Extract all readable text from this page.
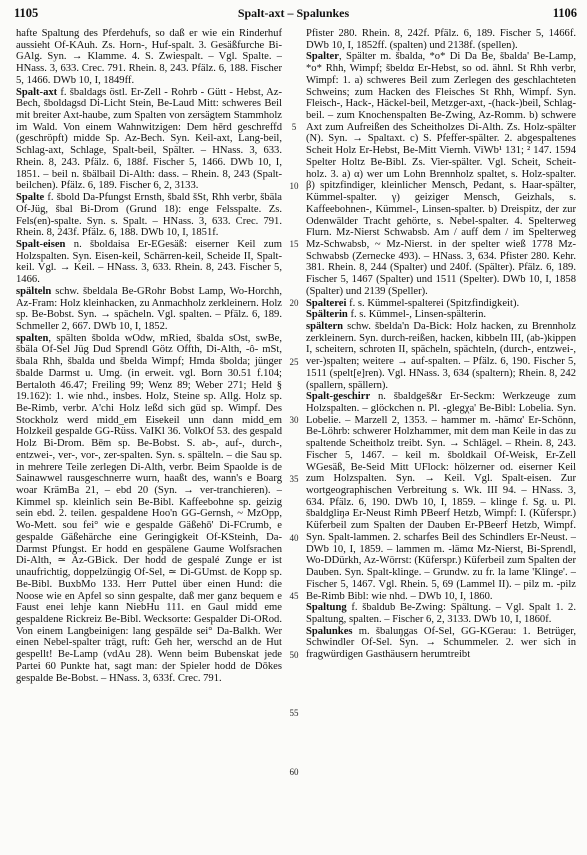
1105	Spalt-axt – Spalunkes	1106

hafte Spaltung des Pferdehufs, so daß er wie ein Rinderhuf aussieht Of-KAuh. Zs. Horn-, Huf-spalt. 3. Gesäßfurche Bi-GAlg. Syn. → Klamme. 4. S. Zwiespalt. – Vgl. Spalte. – HNass. 3, 633. Crec. 791. Rhein. 8, 243. Pfälz. 6, 188. Fischer 5, 1466. DWb 10, I, 1849ff.

Spalt-axt f. šbaldags östl. Er-Zell - Rohrb - Gütt - Hebst, Az-Bech, šboldagsd Di-Licht Stein, Be-Laud Mitt: schweres Beil mit breiter Axt-haube, zum Spalten von zersägtem Stammholz im Wald. Von einem Wahnwitzigen: Dem hērd geschreffd (geschröpft) midde Sp. Az-Bech. Syn. Keil-axt, Lang-beil, Schlag-axt, Schlage, Spalt-beil, Spälter. – HNass. 3, 633. Rhein. 8, 243. Pfälz. 6, 188f. Fischer 5, 1466. DWb 10, I, 1851. – beil n. šbälbail Di-Alth: dass. – Rhein. 8, 243 (Spalt-beilchen). Pfälz. 6, 189. Fischer 6, 2, 3133.

Spalte f. šbold Da-Pfungst Ernsth, šbald šSt, Rhh verbr, šbäla Of-Jüg, šbal Bi-Drom (Grund 18): enge Felsspalte. Zs. Fels(en)-spalte. Syn. s. Spalt. – HNass. 3, 633. Crec. 791. Rhein. 8, 243f. Pfälz. 6, 188. DWb 10, I, 1851f.

Spalt-eisen n. šboldaisa Er-EGesäß: eiserner Keil zum Holzspalten. Syn. Eisen-keil, Schärren-keil, Scheide II, Spalt-keil. Vgl. → Keil. – HNass. 3, 633. Rhein. 8, 243. Fischer 5, 1466.

spälteln schw. šbeldala Be-GRohr Bobst Lamp, Wo-Horchh, Az-Fram: Holz kleinhacken, zu Anmachholz zerkleinern. Holz sp. Be-Bobst. Syn. → spächeln. Vgl. spalten. – Pfälz. 6, 189. Schmeller 2, 667. DWb 10, I, 1852.

spalten, spälten šbolda wOdw, mRied, šbalda sOst, swBe, šbäla Of-Sel Jüg Dud Sprendl Götz Offth, Di-Alth, -ô- mSt, šbala Rhh, šbalda und šbelda Wimpf; Hmda šbolda; jünger šbalde Darmst u. Umg. (in erweit. vgl. Born 30.51 f.104; Bertaloth 46.47; Freiling 99; Wenz 89; Weber 271; Held § 19.162): 1. wie nhd., insbes. Holz, Steine sp. Allg. Holz sp. Be-Rimb, verbr. A'chi Holz leßd sich güd sp. Wimpf. Des Stockholz werd midd_em Eisekeil unn dann midd_em Holzkeil gespalde GG-Rüss. VaIKl 36. VolkOf 53. des gespald Holz Bi-Drom. Bēm sp. Be-Bobst. S. ab-, auf-, durch-, entzwei-, ver-, vor-, zer-spalten. Syn. s. spälteln. – die Sau sp. in mehrere Teile zerlegen Di-Alth, verbr. Beim Spaolde is de Sainawwel rausgeschnerre wurn, haaßt des, wann's e Boarg woar KrämBa 21, – ebd 20 (Syn. → ver-tranchieren). – Kimmel sp. kleinlich sein Be-Bibl. Kaffeebohne sp. geizig sein ebd. 2. teilen. gespaldene Hoo'n GG-Gernsh, ~ MzOpp, Wo-Mett. sou fei° wie e gespalde Gäßehō' Di-FCrumb, e gespalde Gäßehärche eine Geringigkeit Of-KSteinh, Da-Darmst Pfungst. Er hodd en gespälene Gaume Wolfsrachen Di-Alth, ≃ Az-GBick. Der hodd de gespalé Zunge er ist unaufrichtig, doppelzüngig Of-Sel, ≃ Di-GUmst. de Kopp sp. Be-Bibl. BuxbMo 133. Herr Puttel über einen Hund: die Noose wie en Apfel so sinn gespalte, daß mer ganz bequem e Faust enei lehje kann NiebHu 111. en Gaul midd eme gespaldene Rickreiz Be-Bibl. Wecksorte: Gespalder Di-ORod. Von einem Langbeinigen: lang gespälde sei° Da-Balkh. Wer einen Nebel-spalter trägt, ruft: Geh her, werschd an de Hut gespellt! Be-Lamp (vdAu 28). Wenn beim Bubenskat jede Partei 60 Punkte hat, sagt man: der Spieler hodd de Dōkes gespalde Be-Bobst. – HNass. 3, 633f. Crec. 791.

5
10
15
20
25
30
35
40
45
50
55
60

Pfister 280. Rhein. 8, 242f. Pfälz. 6, 189. Fischer 5, 1466f. DWb 10, I, 1852ff. (spalten) und 2138f. (spellen).

Spalter, Spälter m. šbalda, *o* Di Da Be, šbalda' Be-Lamp, *o* Rhh, Wimpf; šbeldα Er-Hebst, so od. ähnl. St Rhh verbr, Wimpf: 1. a) schweres Beil zum Zerlegen des geschlachteten Schweins; zum Hacken des Fleisches St Rhh, Wimpf. Syn. Fleisch-, Hack-, Häckel-beil, Metzger-axt, -(hack-)beil, Schlag-beil. – zum Knochenspalten Be-Zwing, Az-Romm. b) schwere Axt zum Aufreißen des Scheitholzes Di-Alth. Zs. Holz-spälter (N). Syn. → Spaltaxt. c) S. Pfeffer-spälter. 2. abgespaltenes Scheit Holz Er-Hebst, Be-Mitt Viernh. ViWb¹ 131; ² 147. 1594 Spelter Holtz Be-Bibl. Zs. Vier-spälter. Vgl. Scheit, Scheit-holz. 3. a) α) wer um Lohn Brennholz spaltet, s. Holz-spalter. β) spitzfindiger, kleinlicher Mensch, Pedant, s. Haar-spälter, Kümmel-spalter. γ) geiziger Mensch, Geizhals, s. Kaffeebohnen-, Kümmel-, Linsen-spalter. b) Dreispitz, der zur Odenwälder Tracht gehörte, s. Nebel-spalter. 4. Spelterweg Flurn. Mz-Nierst Schwabsb. Am / auff dem / im Spelterweg Mz-Schwabsb, ~ Mz-Nierst. in der spelter wieß 1778 Mz-Schwabsb (Zernecke 493). – HNass. 3, 634. Pfister 280. Kehr. 381. Rhein. 8, 244 (Spalter) und 240f. (Spälter). Pfälz. 6, 189. Fischer 5, 1467 (Spalter) und 1511 (Spelter). DWb 10, I, 1858 (Spalter) und 2139 (Speller).

Spalterei f. s. Kümmel-spalterei (Spitzfindigkeit).

Spälterin f. s. Kümmel-, Linsen-spälterin.

spältern schw. šbelda'n Da-Bick: Holz hacken, zu Brennholz zerkleinern. Syn. durch-reißen, hacken, kibbeln III, (ab-)kippen I, scheitern, schroten II, spächeln, spächteln, (durch-, entzwei-, ver-)spalten; weitere → auf-spalten. – Pfälz. 6, 190. Fischer 5, 1511 (spelt[e]ren). Vgl. HNass. 3, 634 (spaltern); Rhein. 8, 242 (spallern, spällern).

Spalt-geschirr n. šbaldgeš&r Er-Seckm: Werkzeuge zum Holzspalten. – glöckchen n. Pl. -glegχa' Be-Bibl: Lobelia. Syn. Lobelie. – Marzell 2, 1353. – hammer m. -hämα' Er-Schönn, Be-Löhrb: schwerer Holzhammer, mit dem man Keile in das zu spaltende Scheitholz treibt. Syn. → Schlägel. – Rhein. 8, 243. Fischer 5, 1467. – keil m. šboldkail Of-Weisk, Er-Zell WGesäß, Be-Seid Mitt UFlock: hölzerner od. eiserner Keil zum Holzspalten. Syn. → Keil. Vgl. Spalt-eisen. Zur wortgeographischen Verbreitung s. Wk. III 94. – HNass. 3, 634. Pfälz. 6, 190. DWb 10, I, 1859. – klinge f. Sg. u. Pl. šbaldgliŋə Er-Neust Rimh PBeerf Hetzb, Wimpf: I. (Küferspr.) Küferbeil zum Spalten der Dauben Er-PBeerf Hetzb, Wimpf. Syn. Spalt-lammen. 2. scharfes Beil des Schindlers Er-Neust. – DWb 10, I, 1859. – lammen m. -lämα Mz-Nierst, Bi-Sprendl, Wo-DDürkh, Az-Wörrst: (Küferspr.) Küferbeil zum Spalten der Dauben. Syn. Spalt-klinge. – Grundw. zu fr. la lame 'Klinge'. – Fischer 5, 1467. Vgl. Rhein. 5, 69 (Lammel II). – pilz m. -pilz Be-Rimb Bibl: wie nhd. – DWb 10, I, 1860.

Spaltung f. šbaldub Be-Zwing: Spältung. – Vgl. Spalt 1. 2. Spaltung, spalten. – Fischer 6, 2, 3133. DWb 10, I, 1860f.

Spalunkes m. šbaluŋgas Of-Sel, GG-KGerau: 1. Betrüger, Schwindler Of-Sel. Syn. → Schummeler. 2. wer sich in fragwürdigen Gasthäusern herumtreibt
